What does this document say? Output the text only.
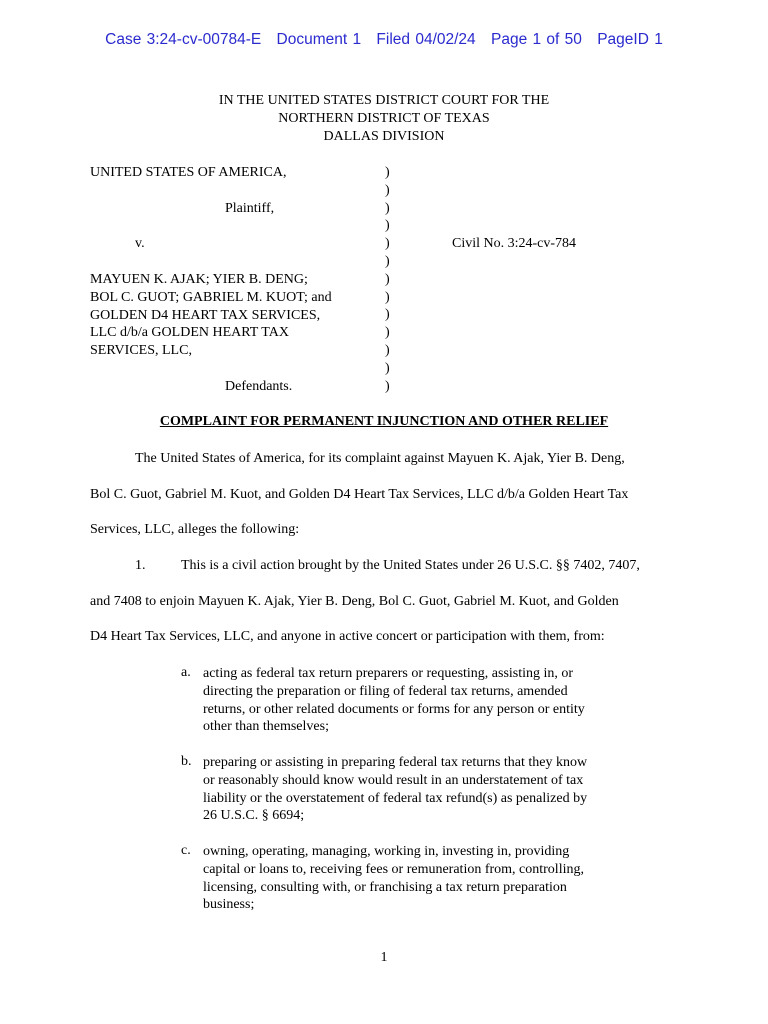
Case 3:24-cv-00784-E Document 1 Filed 04/02/24 Page 1 of 50 PageID 1
IN THE UNITED STATES DISTRICT COURT FOR THE
NORTHERN DISTRICT OF TEXAS
DALLAS DIVISION
UNITED STATES OF AMERICA,
Plaintiff,
v.	Civil No. 3:24-cv-784
MAYUEN K. AJAK; YIER B. DENG;
BOL C. GUOT; GABRIEL M. KUOT; and
GOLDEN D4 HEART TAX SERVICES,
LLC d/b/a GOLDEN HEART TAX
SERVICES, LLC,
Defendants.
)
)
)
)
)
)
)
)
)
)
)
)
)
COMPLAINT FOR PERMANENT INJUNCTION AND OTHER RELIEF
The United States of America, for its complaint against Mayuen K. Ajak, Yier B. Deng,
Bol C. Guot, Gabriel M. Kuot, and Golden D4 Heart Tax Services, LLC d/b/a Golden Heart Tax
Services, LLC, alleges the following:
1.	This is a civil action brought by the United States under 26 U.S.C. §§ 7402, 7407,
and 7408 to enjoin Mayuen K. Ajak, Yier B. Deng, Bol C. Guot, Gabriel M. Kuot, and Golden
D4 Heart Tax Services, LLC, and anyone in active concert or participation with them, from:
a. acting as federal tax return preparers or requesting, assisting in, or
directing the preparation or filing of federal tax returns, amended
returns, or other related documents or forms for any person or entity
other than themselves;
b. preparing or assisting in preparing federal tax returns that they know
or reasonably should know would result in an understatement of tax
liability or the overstatement of federal tax refund(s) as penalized by
26 U.S.C. § 6694;
c. owning, operating, managing, working in, investing in, providing
capital or loans to, receiving fees or remuneration from, controlling,
licensing, consulting with, or franchising a tax return preparation
business;
1
